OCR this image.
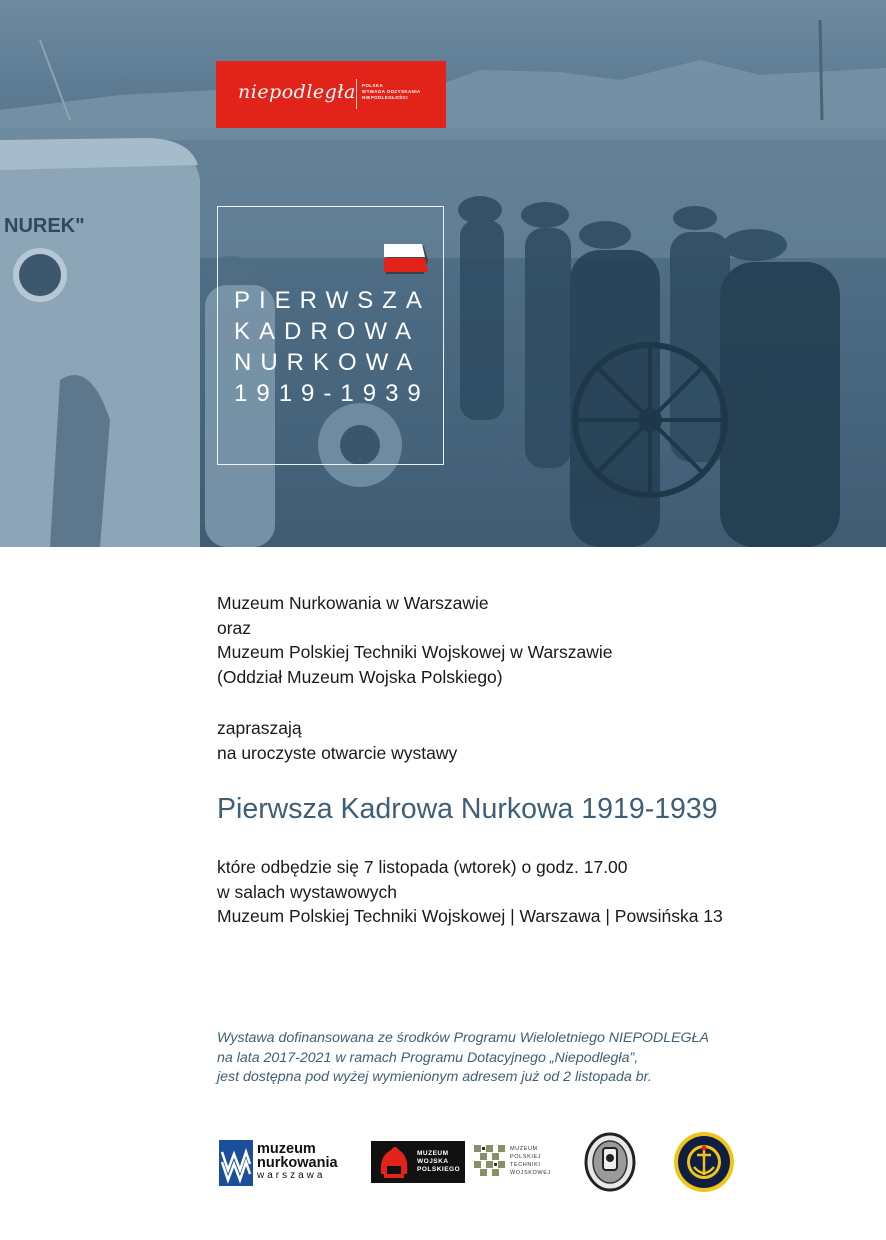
NUREK"
niepodległa POLSKA
WYMAGA ODZYSKANIA
NIEPODLEGŁOŚCI
PIERWSZA
KADROWA
NURKOWA
1919-1939
Muzeum Nurkowania w Warszawie
oraz
Muzeum Polskiej Techniki Wojskowej w Warszawie
(Oddział Muzeum Wojska Polskiego)
zapraszają
na uroczyste otwarcie wystawy
Pierwsza Kadrowa Nurkowa 1919-1939
które odbędzie się 7 listopada (wtorek) o godz. 17.00
w salach wystawowych
Muzeum Polskiej Techniki Wojskowej | Warszawa | Powsińska 13
Wystawa dofinansowana ze środków Programu Wieloletniego NIEPODLEGŁA
na lata 2017-2021 w ramach Programu Dotacyjnego „Niepodległa”,
jest dostępna pod wyżej wymienionym adresem już od 2 listopada br.
muzeum
nurkowania
warszawa
MUZEUM
WOJSKA
POLSKIEGO
MUZEUM
POLSKIEJ
TECHNIKI
WOJSKOWEJ
